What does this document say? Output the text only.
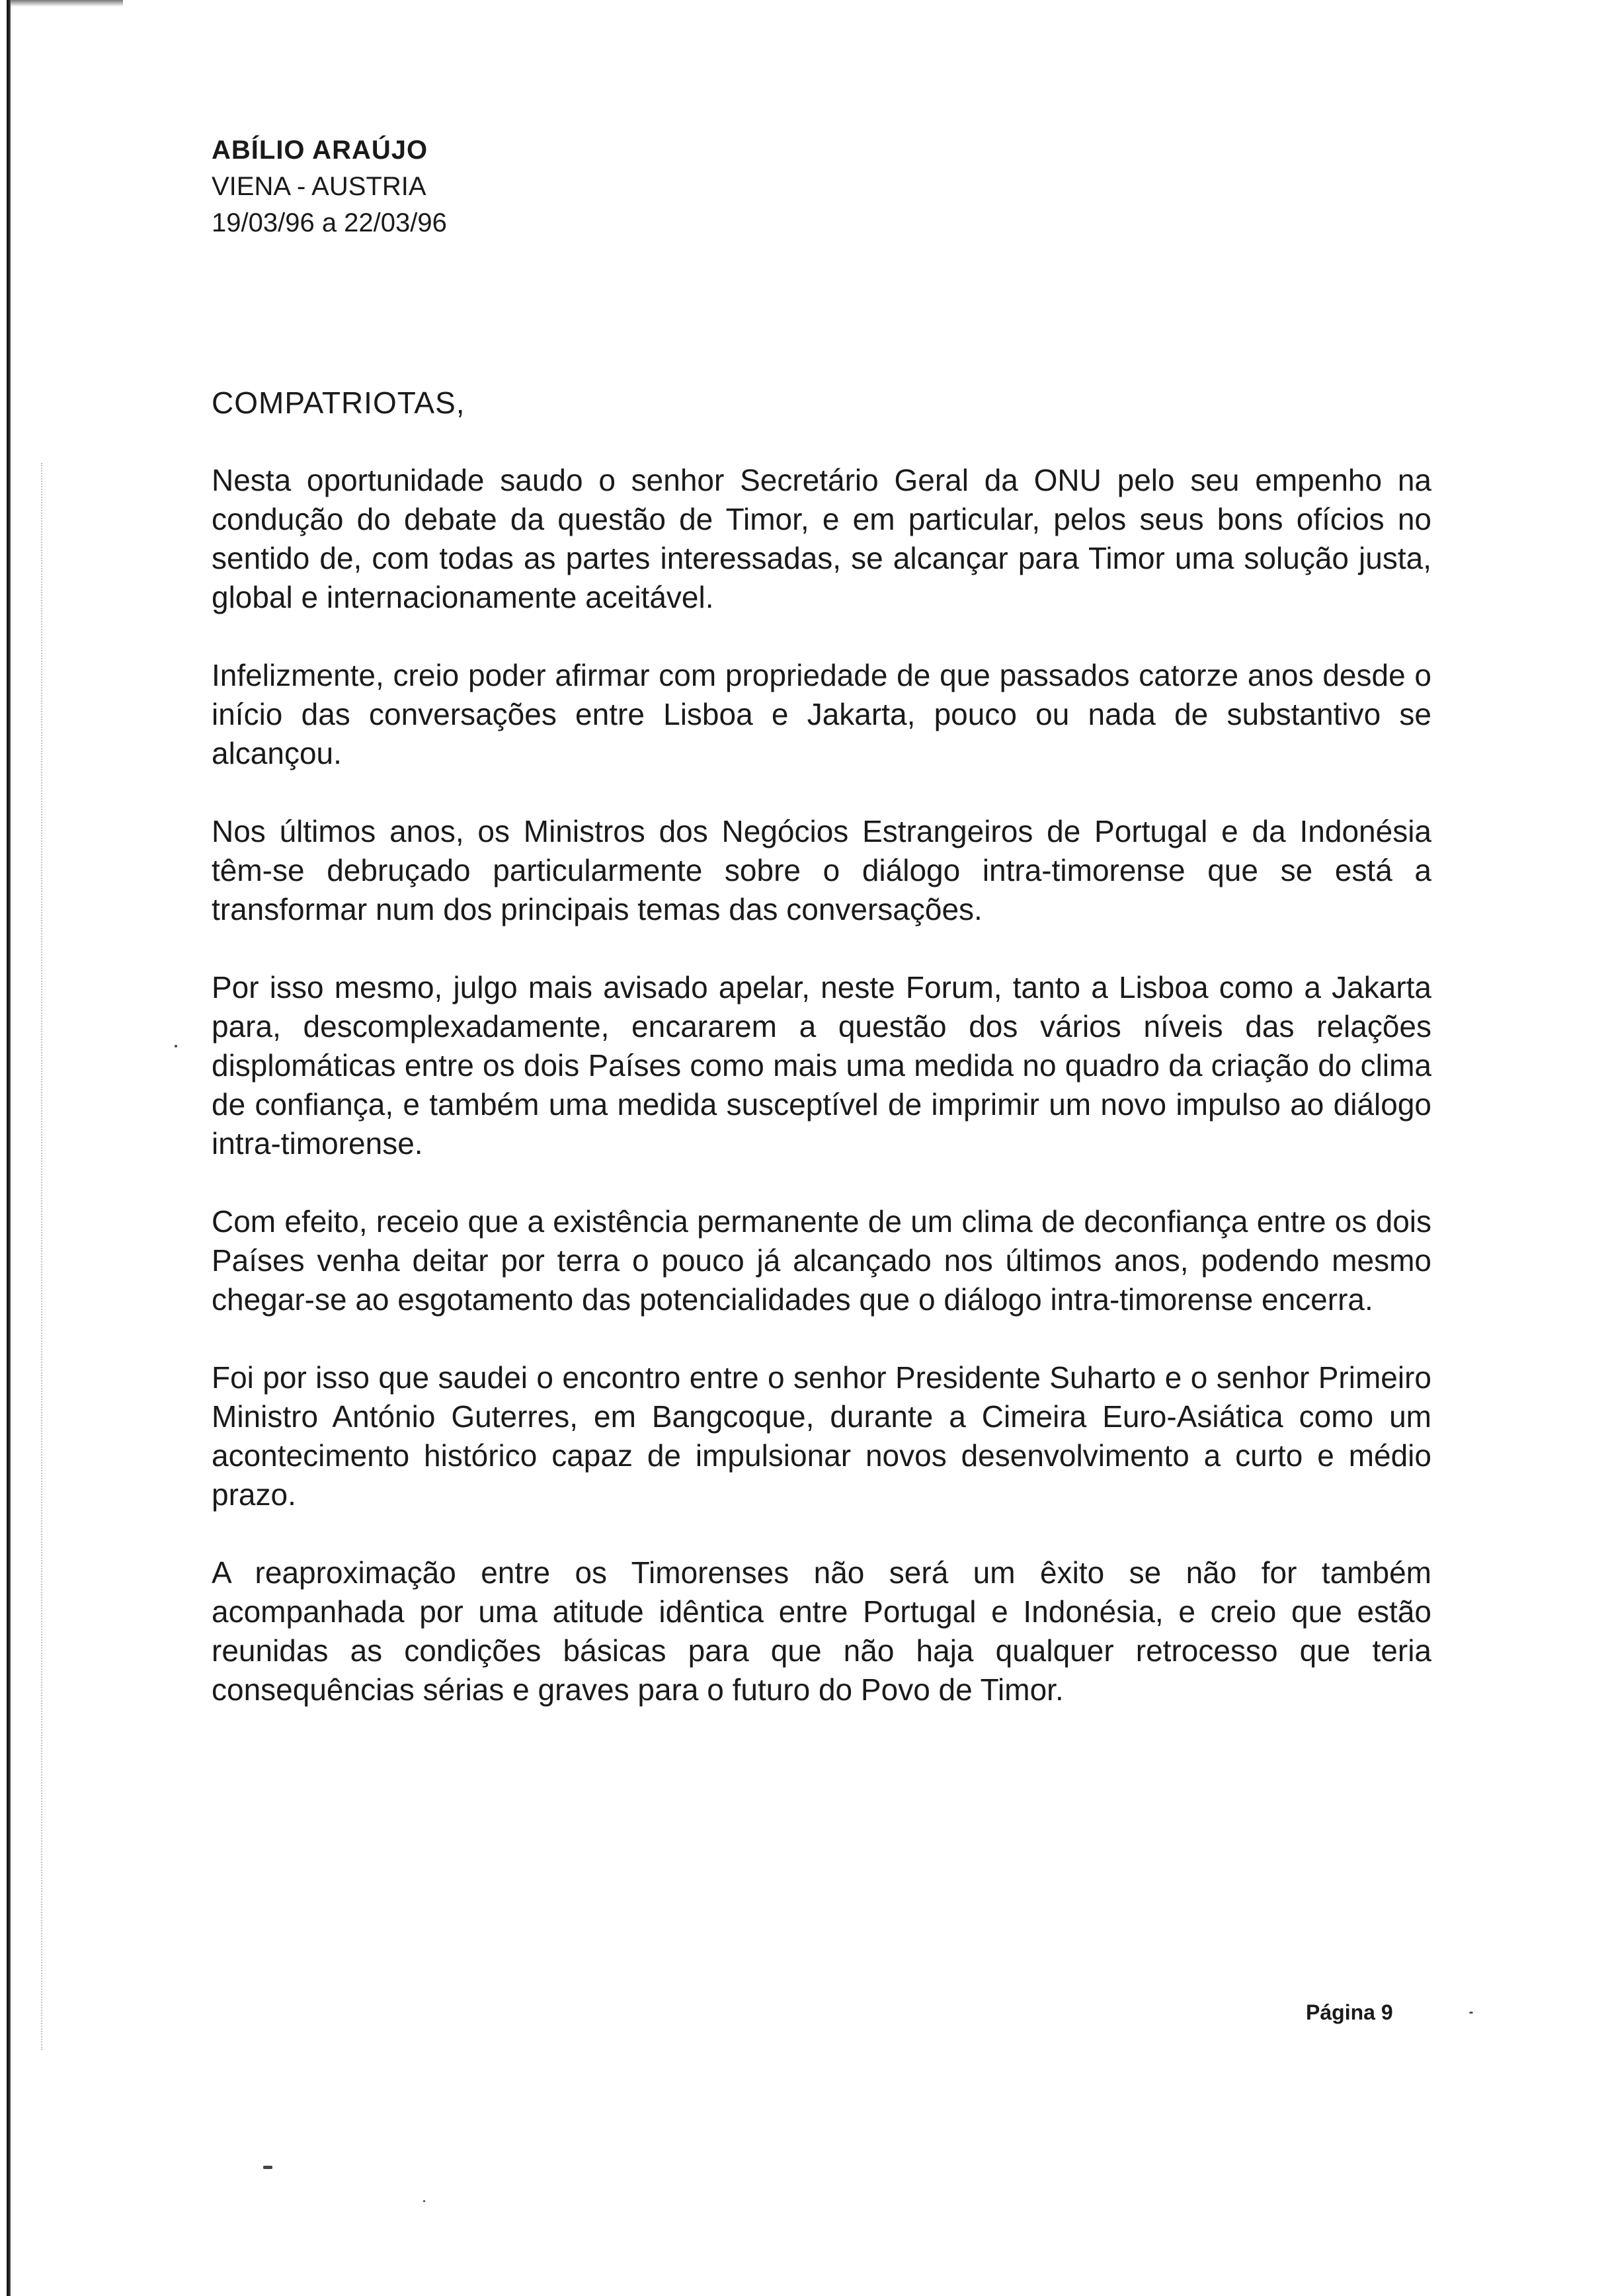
ABÍLIO ARAÚJO
VIENA - AUSTRIA
19/03/96 a 22/03/96

COMPATRIOTAS,

Nesta oportunidade saudo o senhor Secretário Geral da ONU pelo seu empenho na condução do debate da questão de Timor, e em particular, pelos seus bons ofícios no sentido de, com todas as partes interessadas, se alcançar para Timor uma solução justa, global e internacionamente aceitável.

Infelizmente, creio poder afirmar com propriedade de que passados catorze anos desde o início das conversações entre Lisboa e Jakarta, pouco ou nada de substantivo se alcançou.

Nos últimos anos, os Ministros dos Negócios Estrangeiros de Portugal e da Indonésia têm-se debruçado particularmente sobre o diálogo intra-timorense que se está a transformar num dos principais temas das conversações.

Por isso mesmo, julgo mais avisado apelar, neste Forum, tanto a Lisboa como a Jakarta para, descomplexadamente, encararem a questão dos vários níveis das relações displomáticas entre os dois Países como mais uma medida no quadro da criação do clima de confiança, e também uma medida susceptível de imprimir um novo impulso ao diálogo intra-timorense.

Com efeito, receio que a existência permanente de um clima de deconfiança entre os dois Países venha deitar por terra o pouco já alcançado nos últimos anos, podendo mesmo chegar-se ao esgotamento das potencialidades que o diálogo intra-timorense encerra.

Foi por isso que saudei o encontro entre o senhor Presidente Suharto e o senhor Primeiro Ministro António Guterres, em Bangcoque, durante a Cimeira Euro-Asiática como um acontecimento histórico capaz de impulsionar novos desenvolvimento a curto e médio prazo.

A reaproximação entre os Timorenses não será um êxito se não for também acompanhada por uma atitude idêntica entre Portugal e Indonésia, e creio que estão reunidas as condições básicas para que não haja qualquer retrocesso que teria consequências sérias e graves para o futuro do Povo de Timor.

Página 9
